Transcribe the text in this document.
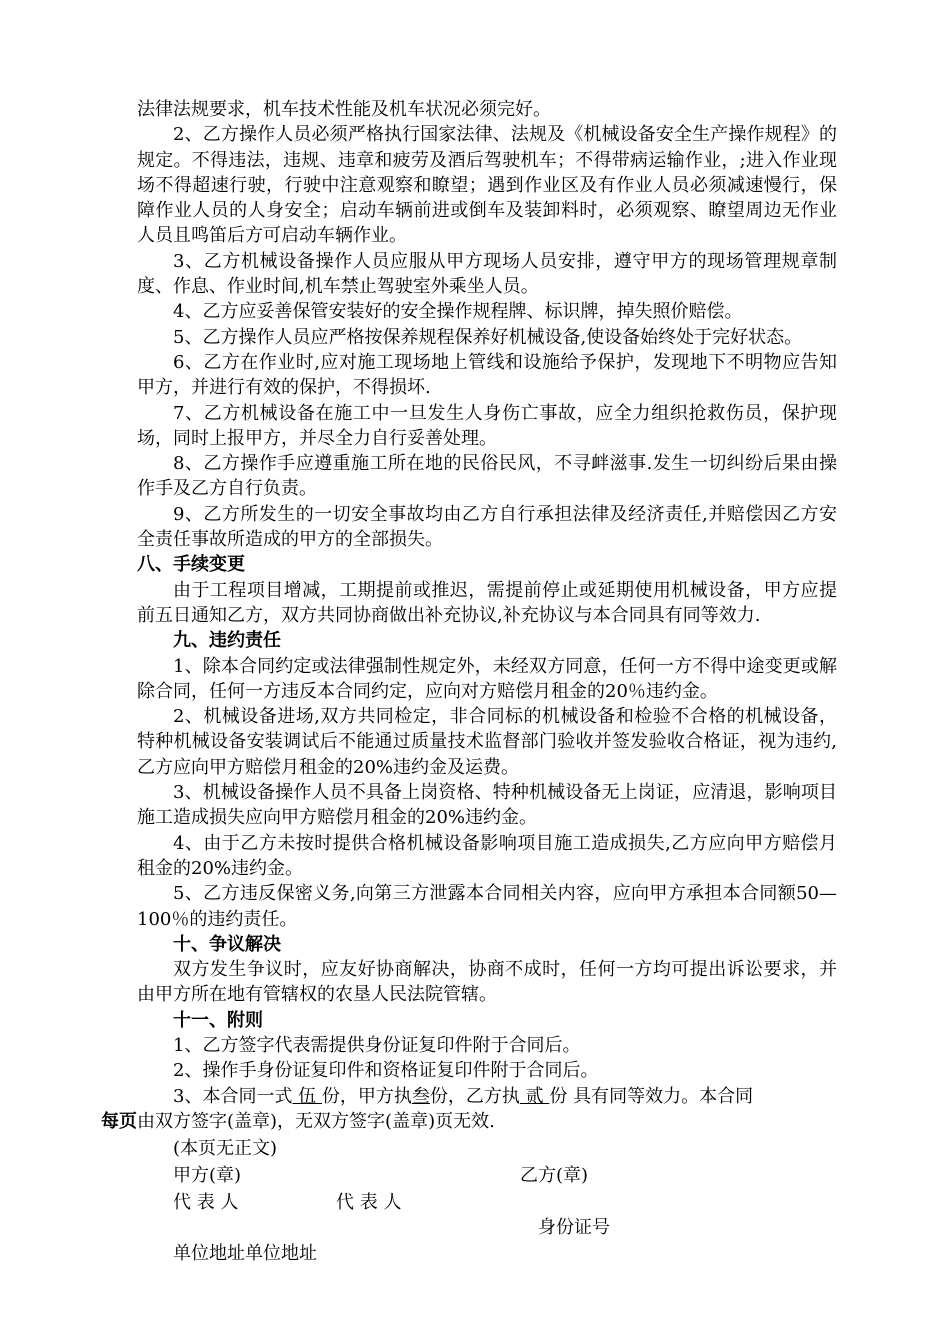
法律法规要求，机车技术性能及机车状况必须完好。

2、乙方操作人员必须严格执行国家法律、法规及《机械设备安全生产操作规程》的规定。不得违法，违规、违章和疲劳及酒后驾驶机车；不得带病运输作业，;进入作业现场不得超速行驶，行驶中注意观察和瞭望；遇到作业区及有作业人员必须减速慢行，保障作业人员的人身安全；启动车辆前进或倒车及装卸料时，必须观察、瞭望周边无作业人员且鸣笛后方可启动车辆作业。

3、乙方机械设备操作人员应服从甲方现场人员安排，遵守甲方的现场管理规章制度、作息、作业时间,机车禁止驾驶室外乘坐人员。

4、乙方应妥善保管安装好的安全操作规程牌、标识牌，掉失照价赔偿。

5、乙方操作人员应严格按保养规程保养好机械设备,使设备始终处于完好状态。

6、乙方在作业时,应对施工现场地上管线和设施给予保护，发现地下不明物应告知甲方，并进行有效的保护，不得损坏.

7、乙方机械设备在施工中一旦发生人身伤亡事故，应全力组织抢救伤员，保护现场，同时上报甲方，并尽全力自行妥善处理。

8、乙方操作手应遵重施工所在地的民俗民风，不寻衅滋事.发生一切纠纷后果由操作手及乙方自行负责。

9、乙方所发生的一切安全事故均由乙方自行承担法律及经济责任,并赔偿因乙方安全责任事故所造成的甲方的全部损失。

八、手续变更

由于工程项目增减，工期提前或推迟，需提前停止或延期使用机械设备，甲方应提前五日通知乙方，双方共同协商做出补充协议,补充协议与本合同具有同等效力.

九、违约责任

1、除本合同约定或法律强制性规定外，未经双方同意，任何一方不得中途变更或解除合同，任何一方违反本合同约定，应向对方赔偿月租金的20％违约金。

2、机械设备进场,双方共同检定，非合同标的机械设备和检验不合格的机械设备，特种机械设备安装调试后不能通过质量技术监督部门验收并签发验收合格证，视为违约,乙方应向甲方赔偿月租金的20%违约金及运费。

3、机械设备操作人员不具备上岗资格、特种机械设备无上岗证，应清退，影响项目施工造成损失应向甲方赔偿月租金的20%违约金。

4、由于乙方未按时提供合格机械设备影响项目施工造成损失,乙方应向甲方赔偿月租金的20%违约金。

5、乙方违反保密义务,向第三方泄露本合同相关内容，应向甲方承担本合同额50—100％的违约责任。

十、争议解决

双方发生争议时，应友好协商解决，协商不成时，任何一方均可提出诉讼要求，并由甲方所在地有管辖权的农垦人民法院管辖。

十一、附则

1、乙方签字代表需提供身份证复印件附于合同后。

2、操作手身份证复印件和资格证复印件附于合同后。

3、本合同一式 伍 份，甲方执叁份，乙方执 贰 份 具有同等效力。本合同
每页由双方签字(盖章)，无双方签字(盖章)页无效.

(本页无正文)
甲方(章)	乙方(章)
代 表 人	代 表 人
身份证号
单位地址单位地址
